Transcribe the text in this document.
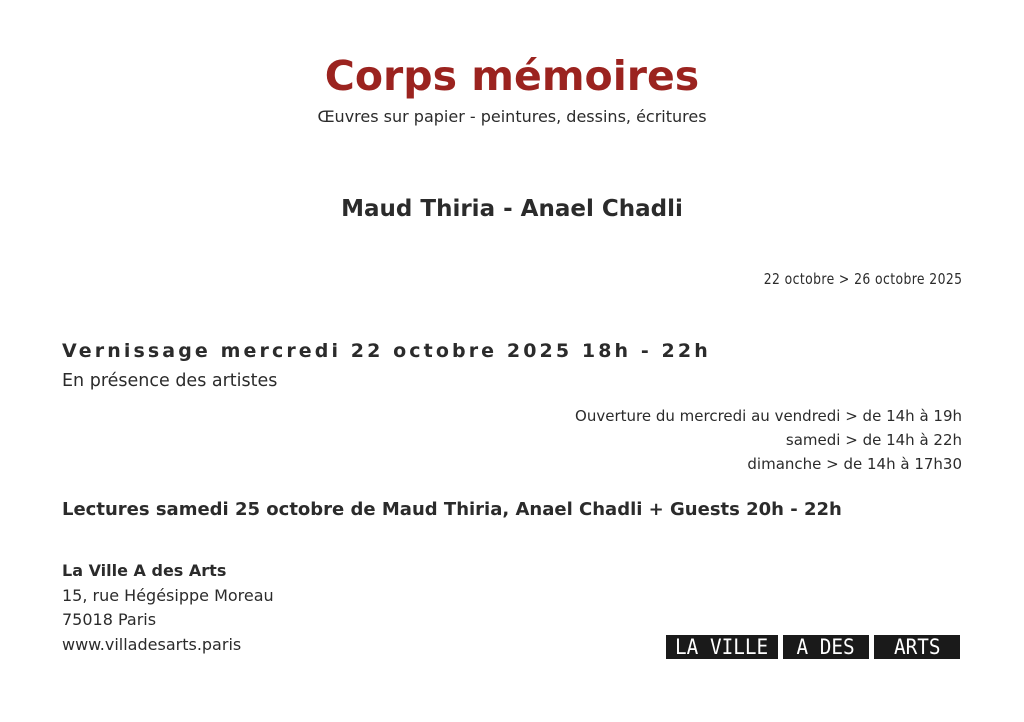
Corps mémoires
Œuvres sur papier - peintures, dessins, écritures
Maud Thiria - Anael Chadli
22 octobre > 26 octobre 2025
Vernissage mercredi 22 octobre 2025 18h - 22h
En présence des artistes
Ouverture du mercredi au vendredi > de 14h à 19h
samedi > de 14h à 22h
dimanche > de 14h à 17h30
Lectures samedi 25 octobre de Maud Thiria, Anael Chadli + Guests 20h - 22h
La Ville A des Arts
15, rue Hégésippe Moreau
75018 Paris
www.villadesarts.paris	LA VILLE A DES ARTS
